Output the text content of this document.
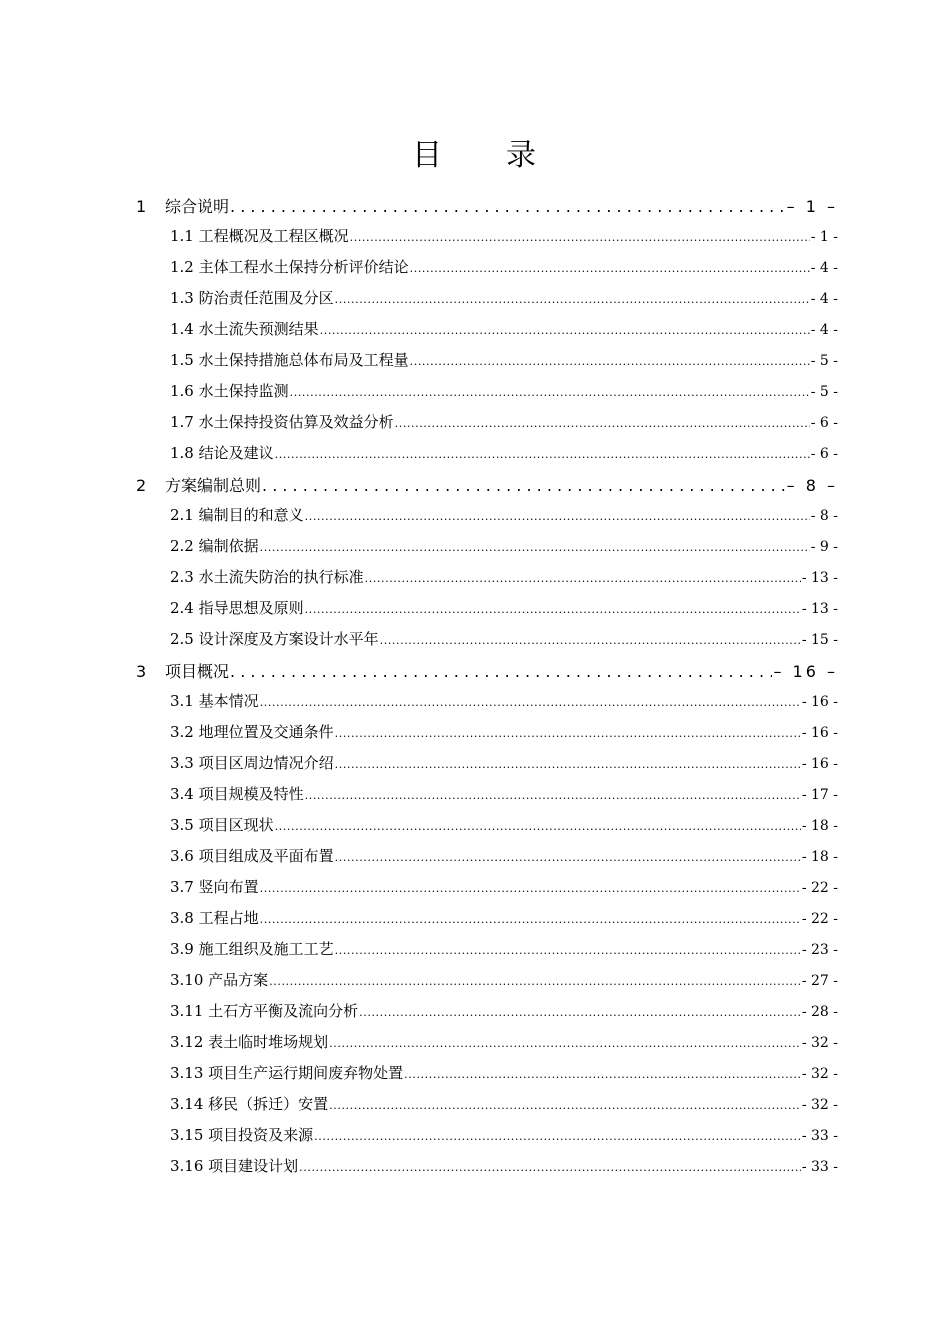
目 录
1	综合说明 . . .	– 1 –
1.1 工程概况及工程区概况 .....	- 1 -
1.2 主体工程水土保持分析评价结论 .....	- 4 -
1.3 防治责任范围及分区 .....	- 4 -
1.4 水土流失预测结果 .....	- 4 -
1.5 水土保持措施总体布局及工程量 .....	- 5 -
1.6 水土保持监测 .....	- 5 -
1.7 水土保持投资估算及效益分析 .....	- 6 -
1.8 结论及建议 .....	- 6 -
2	方案编制总则 . . .	– 8 –
2.1 编制目的和意义 .....	- 8 -
2.2 编制依据 .....	- 9 -
2.3 水土流失防治的执行标准 .....	- 13 -
2.4 指导思想及原则 .....	- 13 -
2.5 设计深度及方案设计水平年 .....	- 15 -
3	项目概况 . . .	– 16 –
3.1 基本情况 .....	- 16 -
3.2 地理位置及交通条件 .....	- 16 -
3.3 项目区周边情况介绍 .....	- 16 -
3.4 项目规模及特性 .....	- 17 -
3.5 项目区现状 .....	- 18 -
3.6 项目组成及平面布置 .....	- 18 -
3.7 竖向布置 .....	- 22 -
3.8 工程占地 .....	- 22 -
3.9 施工组织及施工工艺 .....	- 23 -
3.10 产品方案 .....	- 27 -
3.11 土石方平衡及流向分析 .....	- 28 -
3.12 表土临时堆场规划 .....	- 32 -
3.13 项目生产运行期间废弃物处置 .....	- 32 -
3.14 移民（拆迁）安置 .....	- 32 -
3.15 项目投资及来源 .....	- 33 -
3.16 项目建设计划 .....	- 33 -
